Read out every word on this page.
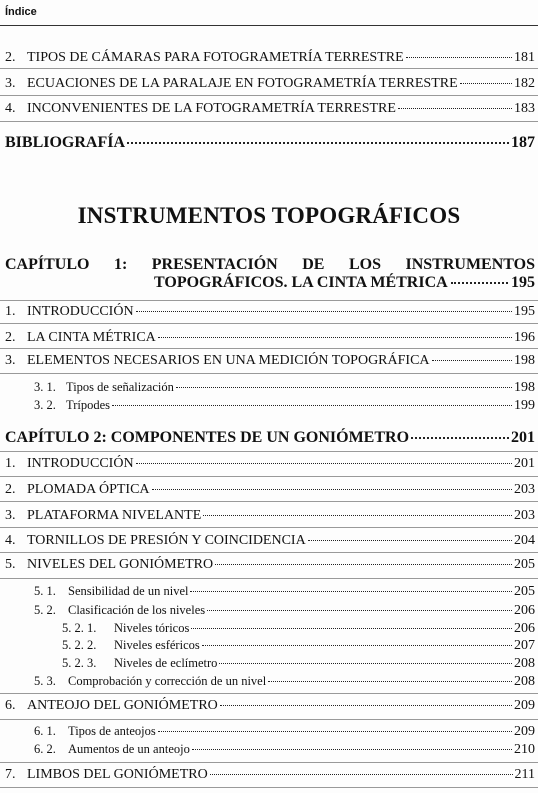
Índice
2. TIPOS DE CÁMARAS PARA FOTOGRAMETRÍA TERRESTRE	181
3. ECUACIONES DE LA PARALAJE EN FOTOGRAMETRÍA TERRESTRE	182
4. INCONVENIENTES DE LA FOTOGRAMETRÍA TERRESTRE	183
BIBLIOGRAFÍA	187
INSTRUMENTOS TOPOGRÁFICOS
CAPÍTULO 1: PRESENTACIÓN DE LOS INSTRUMENTOS
TOPOGRÁFICOS. LA CINTA MÉTRICA	195
1. INTRODUCCIÓN	195
2. LA CINTA MÉTRICA	196
3. ELEMENTOS NECESARIOS EN UNA MEDICIÓN TOPOGRÁFICA	198
3. 1. Tipos de señalización	198
3. 2. Trípodes	199
CAPÍTULO 2: COMPONENTES DE UN GONIÓMETRO	201
1. INTRODUCCIÓN	201
2. PLOMADA ÓPTICA	203
3. PLATAFORMA NIVELANTE	203
4. TORNILLOS DE PRESIÓN Y COINCIDENCIA	204
5. NIVELES DEL GONIÓMETRO	205
5. 1. Sensibilidad de un nivel	205
5. 2. Clasificación de los niveles	206
5. 2. 1.	Niveles tóricos	206
5. 2. 2.	Niveles esféricos	207
5. 2. 3.	Niveles de eclímetro	208
5. 3. Comprobación y corrección de un nivel	208
6. ANTEOJO DEL GONIÓMETRO	209
6. 1. Tipos de anteojos	209
6. 2. Aumentos de un anteojo	210
7. LIMBOS DEL GONIÓMETRO	211
